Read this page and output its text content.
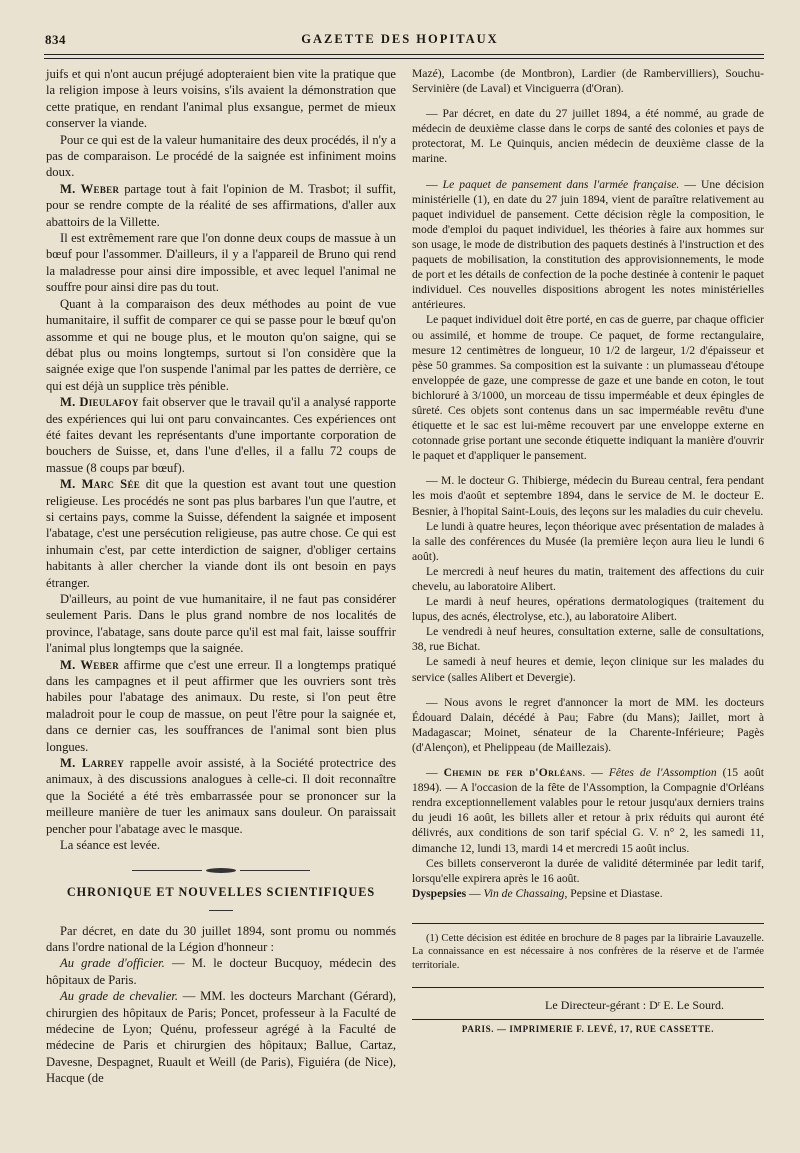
834	GAZETTE DES HOPITAUX

juifs et qui n'ont aucun préjugé adopteraient bien vite la pratique que la religion impose à leurs voisins, s'ils avaient la démonstration que cette pratique, en rendant l'animal plus exsangue, permet de mieux conserver la viande.

Pour ce qui est de la valeur humanitaire des deux procédés, il n'y a pas de comparaison. Le procédé de la saignée est infiniment moins doux.

M. Weber partage tout à fait l'opinion de M. Trasbot; il suffit, pour se rendre compte de la réalité de ses affirmations, d'aller aux abattoirs de la Villette.

Il est extrêmement rare que l'on donne deux coups de massue à un bœuf pour l'assommer. D'ailleurs, il y a l'appareil de Bruno qui rend la maladresse pour ainsi dire impossible, et avec lequel l'animal ne souffre pour ainsi dire pas du tout.

Quant à la comparaison des deux méthodes au point de vue humanitaire, il suffit de comparer ce qui se passe pour le bœuf qu'on assomme et qui ne bouge plus, et le mouton qu'on saigne, qui se débat plus ou moins longtemps, surtout si l'on considère que la saignée exige que l'on suspende l'animal par les pattes de derrière, ce qui est déjà un supplice très pénible.

M. Dieulafoy fait observer que le travail qu'il a analysé rapporte des expériences qui lui ont paru convaincantes. Ces expériences ont été faites devant les représentants d'une importante corporation de bouchers de Suisse, et, dans l'une d'elles, il a fallu 72 coups de massue (8 coups par bœuf).

M. Marc Sée dit que la question est avant tout une question religieuse. Les procédés ne sont pas plus barbares l'un que l'autre, et si certains pays, comme la Suisse, défendent la saignée et imposent l'abatage, c'est une persécution religieuse, pas autre chose. Ce qui est inhumain c'est, par cette interdiction de saigner, d'obliger certains habitants à aller chercher la viande dont ils ont besoin en pays étranger.

D'ailleurs, au point de vue humanitaire, il ne faut pas considérer seulement Paris. Dans le plus grand nombre de nos localités de province, l'abatage, sans doute parce qu'il est mal fait, laisse souffrir l'animal plus longtemps que la saignée.

M. Weber affirme que c'est une erreur. Il a longtemps pratiqué dans les campagnes et il peut affirmer que les ouvriers sont très habiles pour l'abatage des animaux. Du reste, si l'on peut être maladroit pour le coup de massue, on peut l'être pour la saignée et, dans ce dernier cas, les souffrances de l'animal sont bien plus longues.

M. Larrey rappelle avoir assisté, à la Société protectrice des animaux, à des discussions analogues à celle-ci. Il doit reconnaître que la Société a été très embarrassée pour se prononcer sur la meilleure manière de tuer les animaux sans douleur. On paraissait pencher pour l'abatage avec le masque.

La séance est levée.

CHRONIQUE ET NOUVELLES SCIENTIFIQUES

Par décret, en date du 30 juillet 1894, sont promu ou nommés dans l'ordre national de la Légion d'honneur :

Au grade d'officier. — M. le docteur Bucquoy, médecin des hôpitaux de Paris.

Au grade de chevalier. — MM. les docteurs Marchant (Gérard), chirurgien des hôpitaux de Paris; Poncet, professeur à la Faculté de médecine de Lyon; Quénu, professeur agrégé à la Faculté de médecine de Paris et chirurgien des hôpitaux; Ballue, Cartaz, Davesne, Despagnet, Ruault et Weill (de Paris), Figuiéra (de Nice), Hacque (de

Mazé), Lacombe (de Montbron), Lardier (de Rambervilliers), Souchu-Servinière (de Laval) et Vinciguerra (d'Oran).

— Par décret, en date du 27 juillet 1894, a été nommé, au grade de médecin de deuxième classe dans le corps de santé des colonies et pays de protectorat, M. Le Quinquis, ancien médecin de deuxième classe de la marine.

— Le paquet de pansement dans l'armée française. — Une décision ministérielle (1), en date du 27 juin 1894, vient de paraître relativement au paquet individuel de pansement. Cette décision règle la composition, le mode d'emploi du paquet individuel, les théories à faire aux hommes sur son usage, le mode de distribution des paquets destinés à l'instruction et des paquets de mobilisation, la constitution des approvisionnements, le mode de port et les détails de confection de la poche destinée à contenir le paquet individuel. Ces nouvelles dispositions abrogent les notes ministérielles antérieures.

Le paquet individuel doit être porté, en cas de guerre, par chaque officier ou assimilé, et homme de troupe. Ce paquet, de forme rectangulaire, mesure 12 centimètres de longueur, 10 1/2 de largeur, 1/2 d'épaisseur et pèse 50 grammes. Sa composition est la suivante : un plumasseau d'étoupe enveloppée de gaze, une compresse de gaze et une bande en coton, le tout bichloruré à 3/1000, un morceau de tissu imperméable et deux épingles de sûreté. Ces objets sont contenus dans un sac imperméable revêtu d'une étiquette et le sac est lui-même recouvert par une enveloppe externe en cotonnade grise portant une seconde étiquette indiquant la manière d'ouvrir le paquet et d'appliquer le pansement.

— M. le docteur G. Thibierge, médecin du Bureau central, fera pendant les mois d'août et septembre 1894, dans le service de M. le docteur E. Besnier, à l'hopital Saint-Louis, des leçons sur les maladies du cuir chevelu.

Le lundi à quatre heures, leçon théorique avec présentation de malades à la salle des conférences du Musée (la première leçon aura lieu le lundi 6 août).

Le mercredi à neuf heures du matin, traitement des affections du cuir chevelu, au laboratoire Alibert.

Le mardi à neuf heures, opérations dermatologiques (traitement du lupus, des acnés, électrolyse, etc.), au laboratoire Alibert.

Le vendredi à neuf heures, consultation externe, salle de consultations, 38, rue Bichat.

Le samedi à neuf heures et demie, leçon clinique sur les malades du service (salles Alibert et Devergie).

— Nous avons le regret d'annoncer la mort de MM. les docteurs Édouard Dalain, décédé à Pau; Fabre (du Mans); Jaillet, mort à Madagascar; Moinet, sénateur de la Charente-Inférieure; Pagès (d'Alençon), et Phelippeau (de Maillezais).

— Chemin de fer d'Orléans. — Fêtes de l'Assomption (15 août 1894). — A l'occasion de la fête de l'Assomption, la Compagnie d'Orléans rendra exceptionnellement valables pour le retour jusqu'aux derniers trains du jeudi 16 août, les billets aller et retour à prix réduits qui auront été délivrés, aux conditions de son tarif spécial G. V. n° 2, les samedi 11, dimanche 12, lundi 13, mardi 14 et mercredi 15 août inclus.

Ces billets conserveront la durée de validité déterminée par ledit tarif, lorsqu'elle expirera après le 16 août.

Dyspepsies — Vin de Chassaing, Pepsine et Diastase.

(1) Cette décision est éditée en brochure de 8 pages par la librairie Lavauzelle. La connaissance en est nécessaire à nos confrères de la réserve et de l'armée territoriale.

Le Directeur-gérant : Dʳ E. Le Sourd.
PARIS. — IMPRIMERIE F. LEVÉ, 17, RUE CASSETTE.
